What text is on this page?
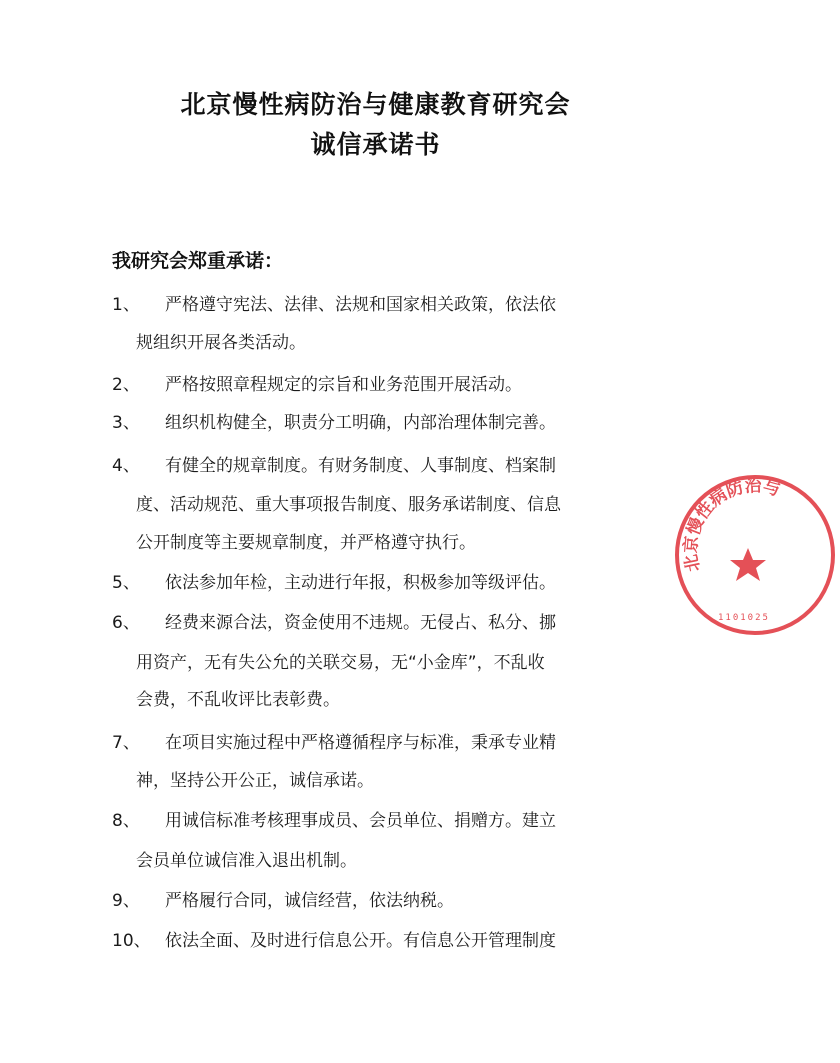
北京慢性病防治与健康教育研究会
诚信承诺书
我研究会郑重承诺：
1、 严格遵守宪法、法律、法规和国家相关政策，依法依
规组织开展各类活动。
2、 严格按照章程规定的宗旨和业务范围开展活动。
3、 组织机构健全，职责分工明确，内部治理体制完善。
4、 有健全的规章制度。有财务制度、人事制度、档案制
度、活动规范、重大事项报告制度、服务承诺制度、信息
公开制度等主要规章制度，并严格遵守执行。
5、 依法参加年检，主动进行年报，积极参加等级评估。
6、 经费来源合法，资金使用不违规。无侵占、私分、挪
用资产，无有失公允的关联交易，无“小金库”，不乱收
会费，不乱收评比表彰费。
7、 在项目实施过程中严格遵循程序与标准，秉承专业精
神，坚持公开公正，诚信承诺。
8、 用诚信标准考核理事成员、会员单位、捐赠方。建立
会员单位诚信准入退出机制。
9、 严格履行合同，诚信经营，依法纳税。
10、 依法全面、及时进行信息公开。有信息公开管理制度
北京慢性病防治与
1101025
